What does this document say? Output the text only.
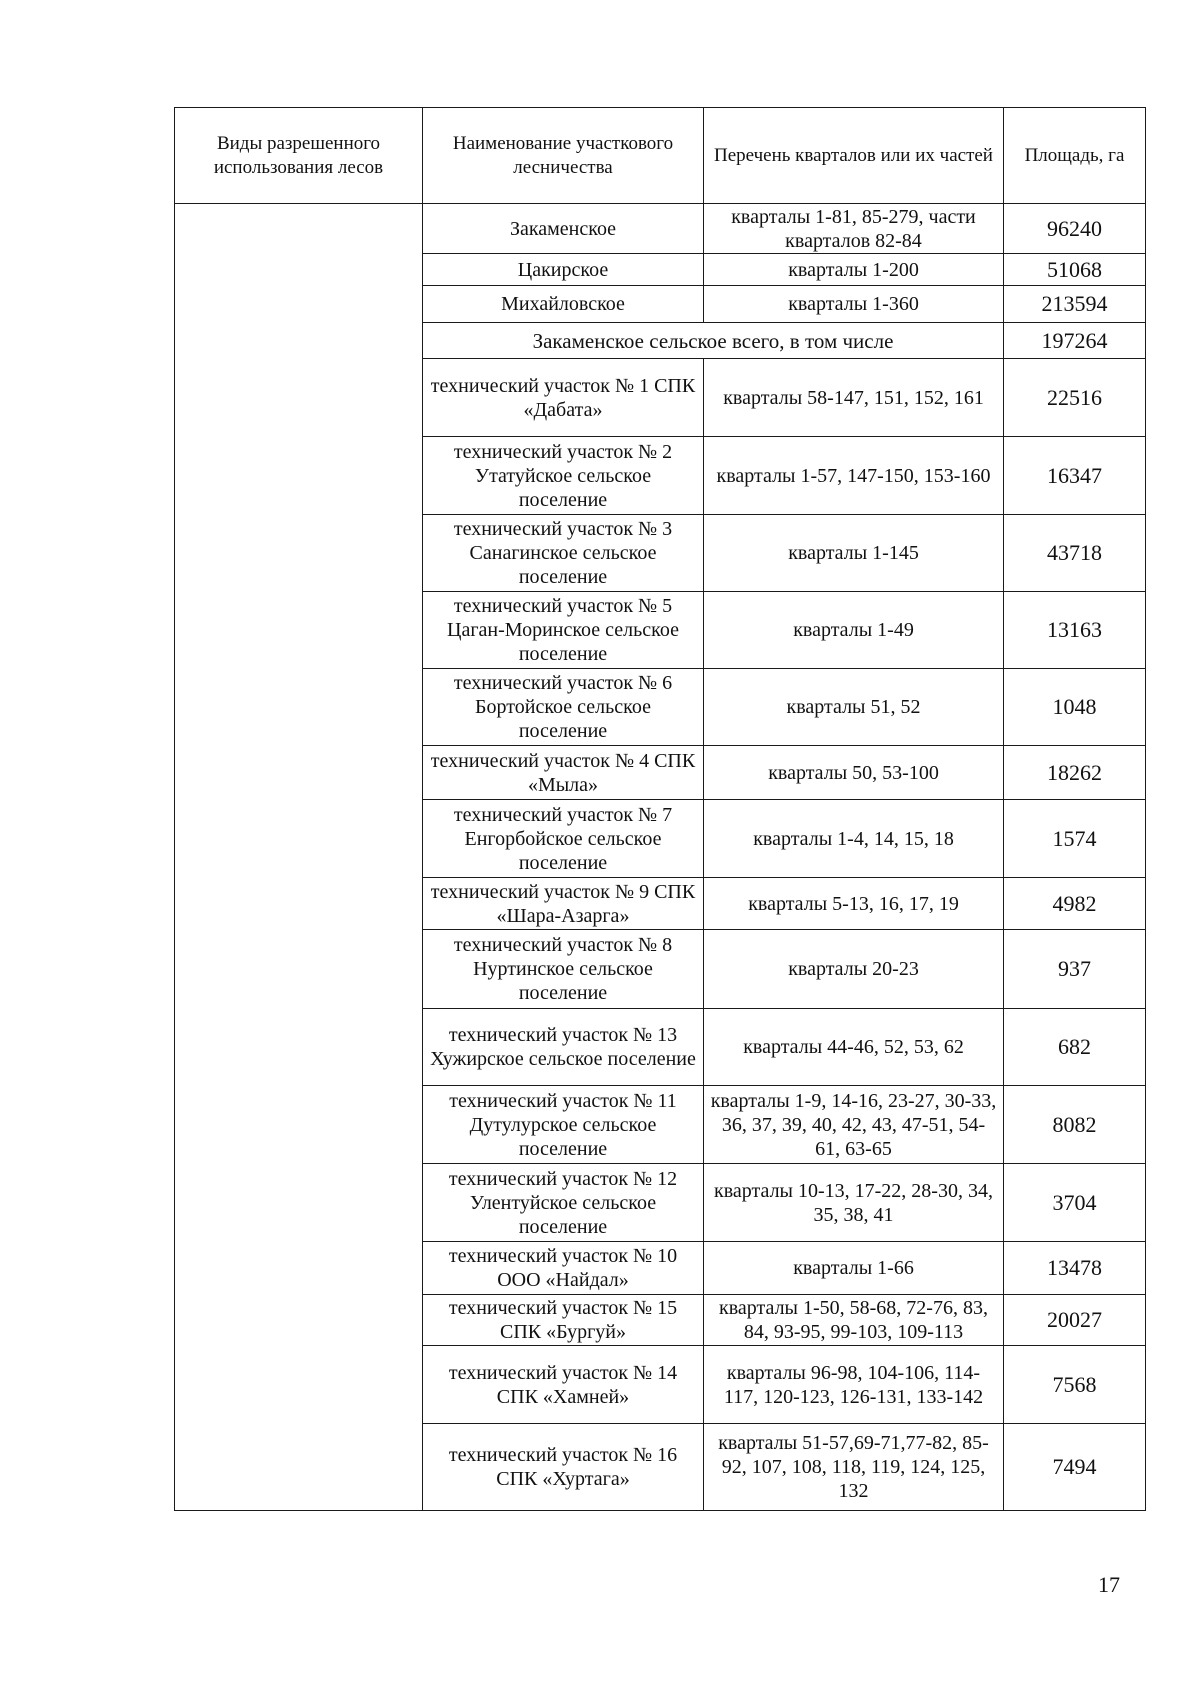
Виды разрешенного использования лесов	Наименование участкового лесничества	Перечень кварталов или их частей	Площадь, га
	Закаменское	кварталы 1-81, 85-279, части кварталов 82-84	96240
	Цакирское	кварталы 1-200	51068
	Михайловское	кварталы 1-360	213594
	Закаменское сельское всего, в том числе		197264
	технический участок № 1 СПК «Дабата»	кварталы 58-147, 151, 152, 161	22516
	технический участок № 2 Утатуйское сельское поселение	кварталы 1-57, 147-150, 153-160	16347
	технический участок № 3 Санагинское сельское поселение	кварталы 1-145	43718
	технический участок № 5 Цаган-Моринское сельское поселение	кварталы 1-49	13163
	технический участок № 6 Бортойское сельское поселение	кварталы 51, 52	1048
	технический участок № 4 СПК «Мыла»	кварталы 50, 53-100	18262
	технический участок № 7 Енгорбойское сельское поселение	кварталы 1-4, 14, 15, 18	1574
	технический участок № 9 СПК «Шара-Азарга»	кварталы 5-13, 16, 17, 19	4982
	технический участок № 8 Нуртинское сельское поселение	кварталы 20-23	937
	технический участок № 13 Хужирское сельское поселение	кварталы 44-46, 52, 53, 62	682
	технический участок № 11 Дутулурское сельское поселение	кварталы 1-9, 14-16, 23-27, 30-33, 36, 37, 39, 40, 42, 43, 47-51, 54-61, 63-65	8082
	технический участок № 12 Улентуйское сельское поселение	кварталы 10-13, 17-22, 28-30, 34, 35, 38, 41	3704
	технический участок № 10 ООО «Найдал»	кварталы 1-66	13478
	технический участок № 15 СПК «Бургуй»	кварталы 1-50, 58-68, 72-76, 83, 84, 93-95, 99-103, 109-113	20027
	технический участок № 14 СПК «Хамней»	кварталы 96-98, 104-106, 114-117, 120-123, 126-131, 133-142	7568
	технический участок № 16 СПК «Хуртага»	кварталы 51-57,69-71,77-82, 85-92, 107, 108, 118, 119, 124, 125, 132	7494
17
